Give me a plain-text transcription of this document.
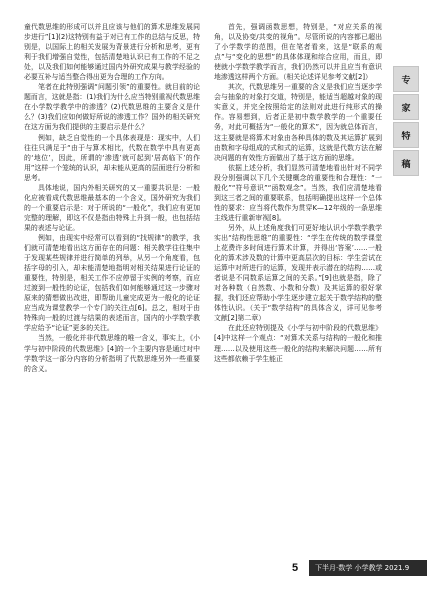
童代数思维的形成可以并且应该与他们的算术思维发展同步进行”[1](2)这特别有益于对已有工作的总结与反思，特别是，以国际上的相关发展为背景进行分析和思考，更有利于我们增强自觉性，包括清楚地认识已有工作的不足之处，以及我们如何能够通过国内外研究成果与教学经验的必要互补与适当整合得出更为合理的工作方向。

笔者在此特别强调“问题引领”的重要性。就目前的论题而言，这就是指：(1)我们为什么应当特别重视代数思维在小学数学教学中的渗透？(2)代数思维的主要含义是什么？(3)我们应如何做好所说的渗透工作？国外的相关研究在这方面为我们提供的主要启示是什么？

例如，缺乏自觉性的一个具体表现是：现实中，人们往往只满足于“由于与算术相比，代数在数学中具有更高的‘地位’，因此，所谓的‘渗透’就可起到‘居高临下’的作用”这样一个笼统的认识，却未能从更高的层面进行分析和思考。

具体地说，国内外相关研究的又一重要共识是：一般化应被看成代数思维最基本的一个含义，国外研究为我们的一个重要启示是：对于所说的“一般化”，我们应有更加完整的理解，即这不仅是指由特殊上升到一般，也包括结果的表述与论证。

例如，由现实中经常可以看到的“找规律”的教学，我们就可清楚地看出这方面存在的问题：相关教学往往集中于发现某些规律并进行简单的列举，从另一个角度看，包括字母的引入，却未能清楚地指明对相关结果进行论证的重要性，特别是，相关工作不应停留于实例的考察，而应过渡到一般性的论证，包括我们如何能够通过这一步骤对原来的猜想做出改进，即帮助儿童完成更为一般化的论证应当成为课堂教学一个专门的关注点[6]。总之，相对于由特殊向一般的过渡与结果的表述而言，国内的小学数学教学应给予“论证”更多的关注。

当然，一般化并非代数思维的唯一含义，事实上，《小学与初中阶段的代数思维》[4]的一个主要内容是通过对中学数学这一部分内容的分析指明了代数思维另外一些重要的含义。

首先，强调函数思想，特别是，“对应关系的视角，以及协变/共变的视角”。尽管所说的内容都已超出了小学数学的范围，但在笔者看来，这是“联系的观点”与“变化的思想”的具体体现和综合应用，而且，即使就小学数学教学而言，我们仍然可以并且应当有意识地渗透这样两个方面。（相关论述详见参考文献[2]）

其次，代数思维另一重要的含义是我们应当逐步学会与抽象的对象打交道，特别是，能适当超越对象的现实意义，并完全按照给定的法则对此进行纯形式的操作。容易想到，后者正是初中数学教学的一个重要任务，对此可概括为“一般化的算术”，因为就总体而言，这主要就是将算术对象由各种具体的数及其运算扩展到由数和字母组成的式和式的运算，这就是代数方法在解决问题的有效性方面做出了基于这方面的思维。

依据上述分析，我们显然可清楚地看出针对不同学段分别强调以下几个关键概念的重要性和合理性：“一般化”“符号意识”“函数观念”。当然，我们应清楚地看到这三者之间的重要联系，包括明确提出这样一个总体性的要求：应当将代数作为贯穿K—12年级的一条思维主线进行重新审视[8]。

另外，从上述角度我们可更好地认识小学数学教学实出“结构性思维”的重要性：“学生在传统的数学课堂上花费许多时间进行算术计算，并得出‘答案’……一般化的算术涉及数的计算中更高层次的目标：学生尝试在运算中对所进行的运算，发现并表示潜在的结构……或者说是不同数系运算之间的关系。”[9]也就是指，除了对各种数（自然数、小数和分数）及其运算的很好掌握，我们还应帮助小学生逐步建立起关于数学结构的整体性认识。（关于“数学结构”的具体含义，详可见参考文献[2]第二章）

在此还应特别提及《小学与初中阶段的代数思维》[4]中这样一个观点：“对算术关系与结构的一般化和推理……以及使用这些一般化的结构来解决问题……所有这些都依赖于学生能正

专
家
特
稿
5	下半月·数学 小学教学 2021.9
